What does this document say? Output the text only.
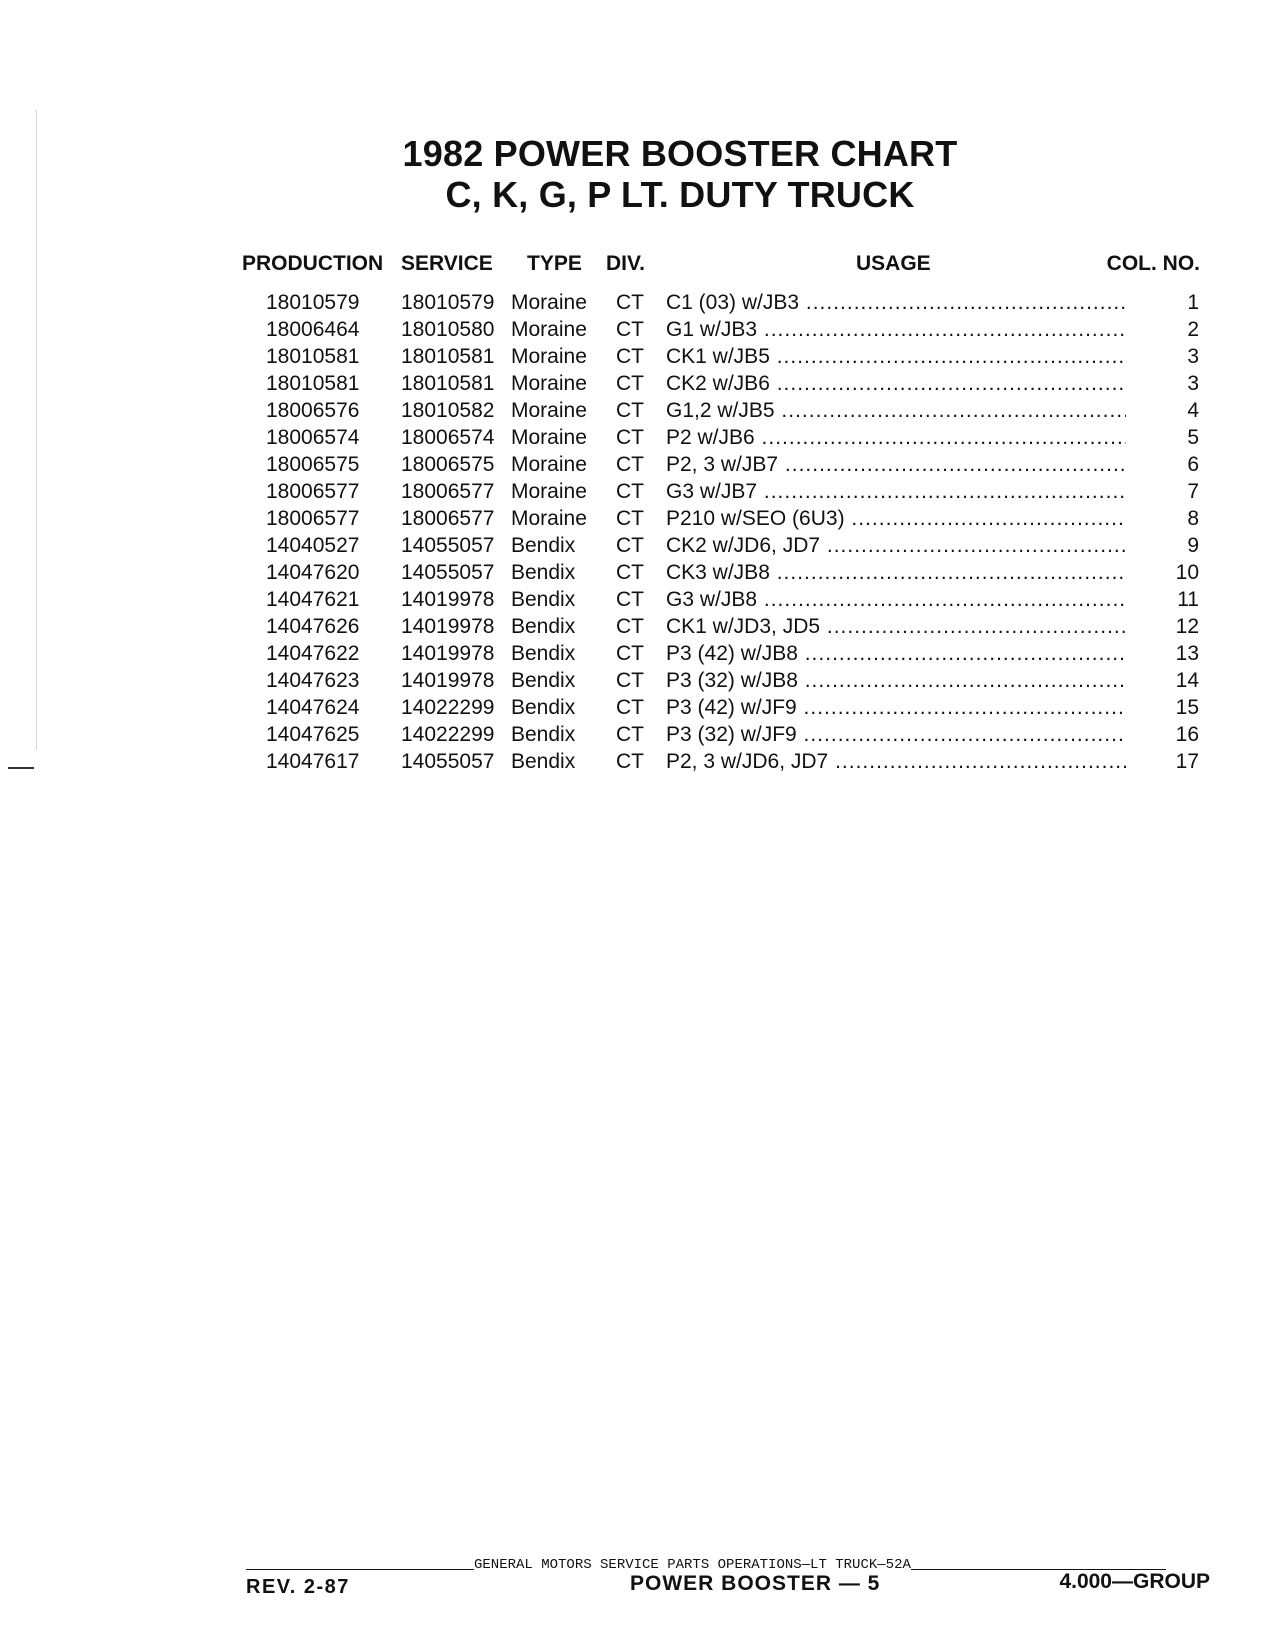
1982 POWER BOOSTER CHART
C, K, G, P LT. DUTY TRUCK
PRODUCTION SERVICE TYPE DIV.	USAGE	COL. NO.
18010579 18010579 Moraine CT C1 (03) w/JB3 .....	1
18006464 18010580 Moraine CT G1 w/JB3 .....	2
18010581 18010581 Moraine CT CK1 w/JB5 .....	3
18010581 18010581 Moraine CT CK2 w/JB6 .....	3
18006576 18010582 Moraine CT G1,2 w/JB5 .....	4
18006574 18006574 Moraine CT P2 w/JB6 .....	5
18006575 18006575 Moraine CT P2, 3 w/JB7 .....	6
18006577 18006577 Moraine CT G3 w/JB7 .....	7
18006577 18006577 Moraine CT P210 w/SEO (6U3) .....	8
14040527 14055057 Bendix CT CK2 w/JD6, JD7 .....	9
14047620 14055057 Bendix CT CK3 w/JB8 .....	10
14047621 14019978 Bendix CT G3 w/JB8 .....	11
14047626 14019978 Bendix CT CK1 w/JD3, JD5 .....	12
14047622 14019978 Bendix CT P3 (42) w/JB8 .....	13
14047623 14019978 Bendix CT P3 (32) w/JB8 .....	14
14047624 14022299 Bendix CT P3 (42) w/JF9 .....	15
14047625 14022299 Bendix CT P3 (32) w/JF9 .....	16
14047617 14055057 Bendix CT P2, 3 w/JD6, JD7 .....	17
GENERAL MOTORS SERVICE PARTS OPERATIONS—LT TRUCK—52A
REV. 2-87	POWER BOOSTER — 5	4.000—GROUP
